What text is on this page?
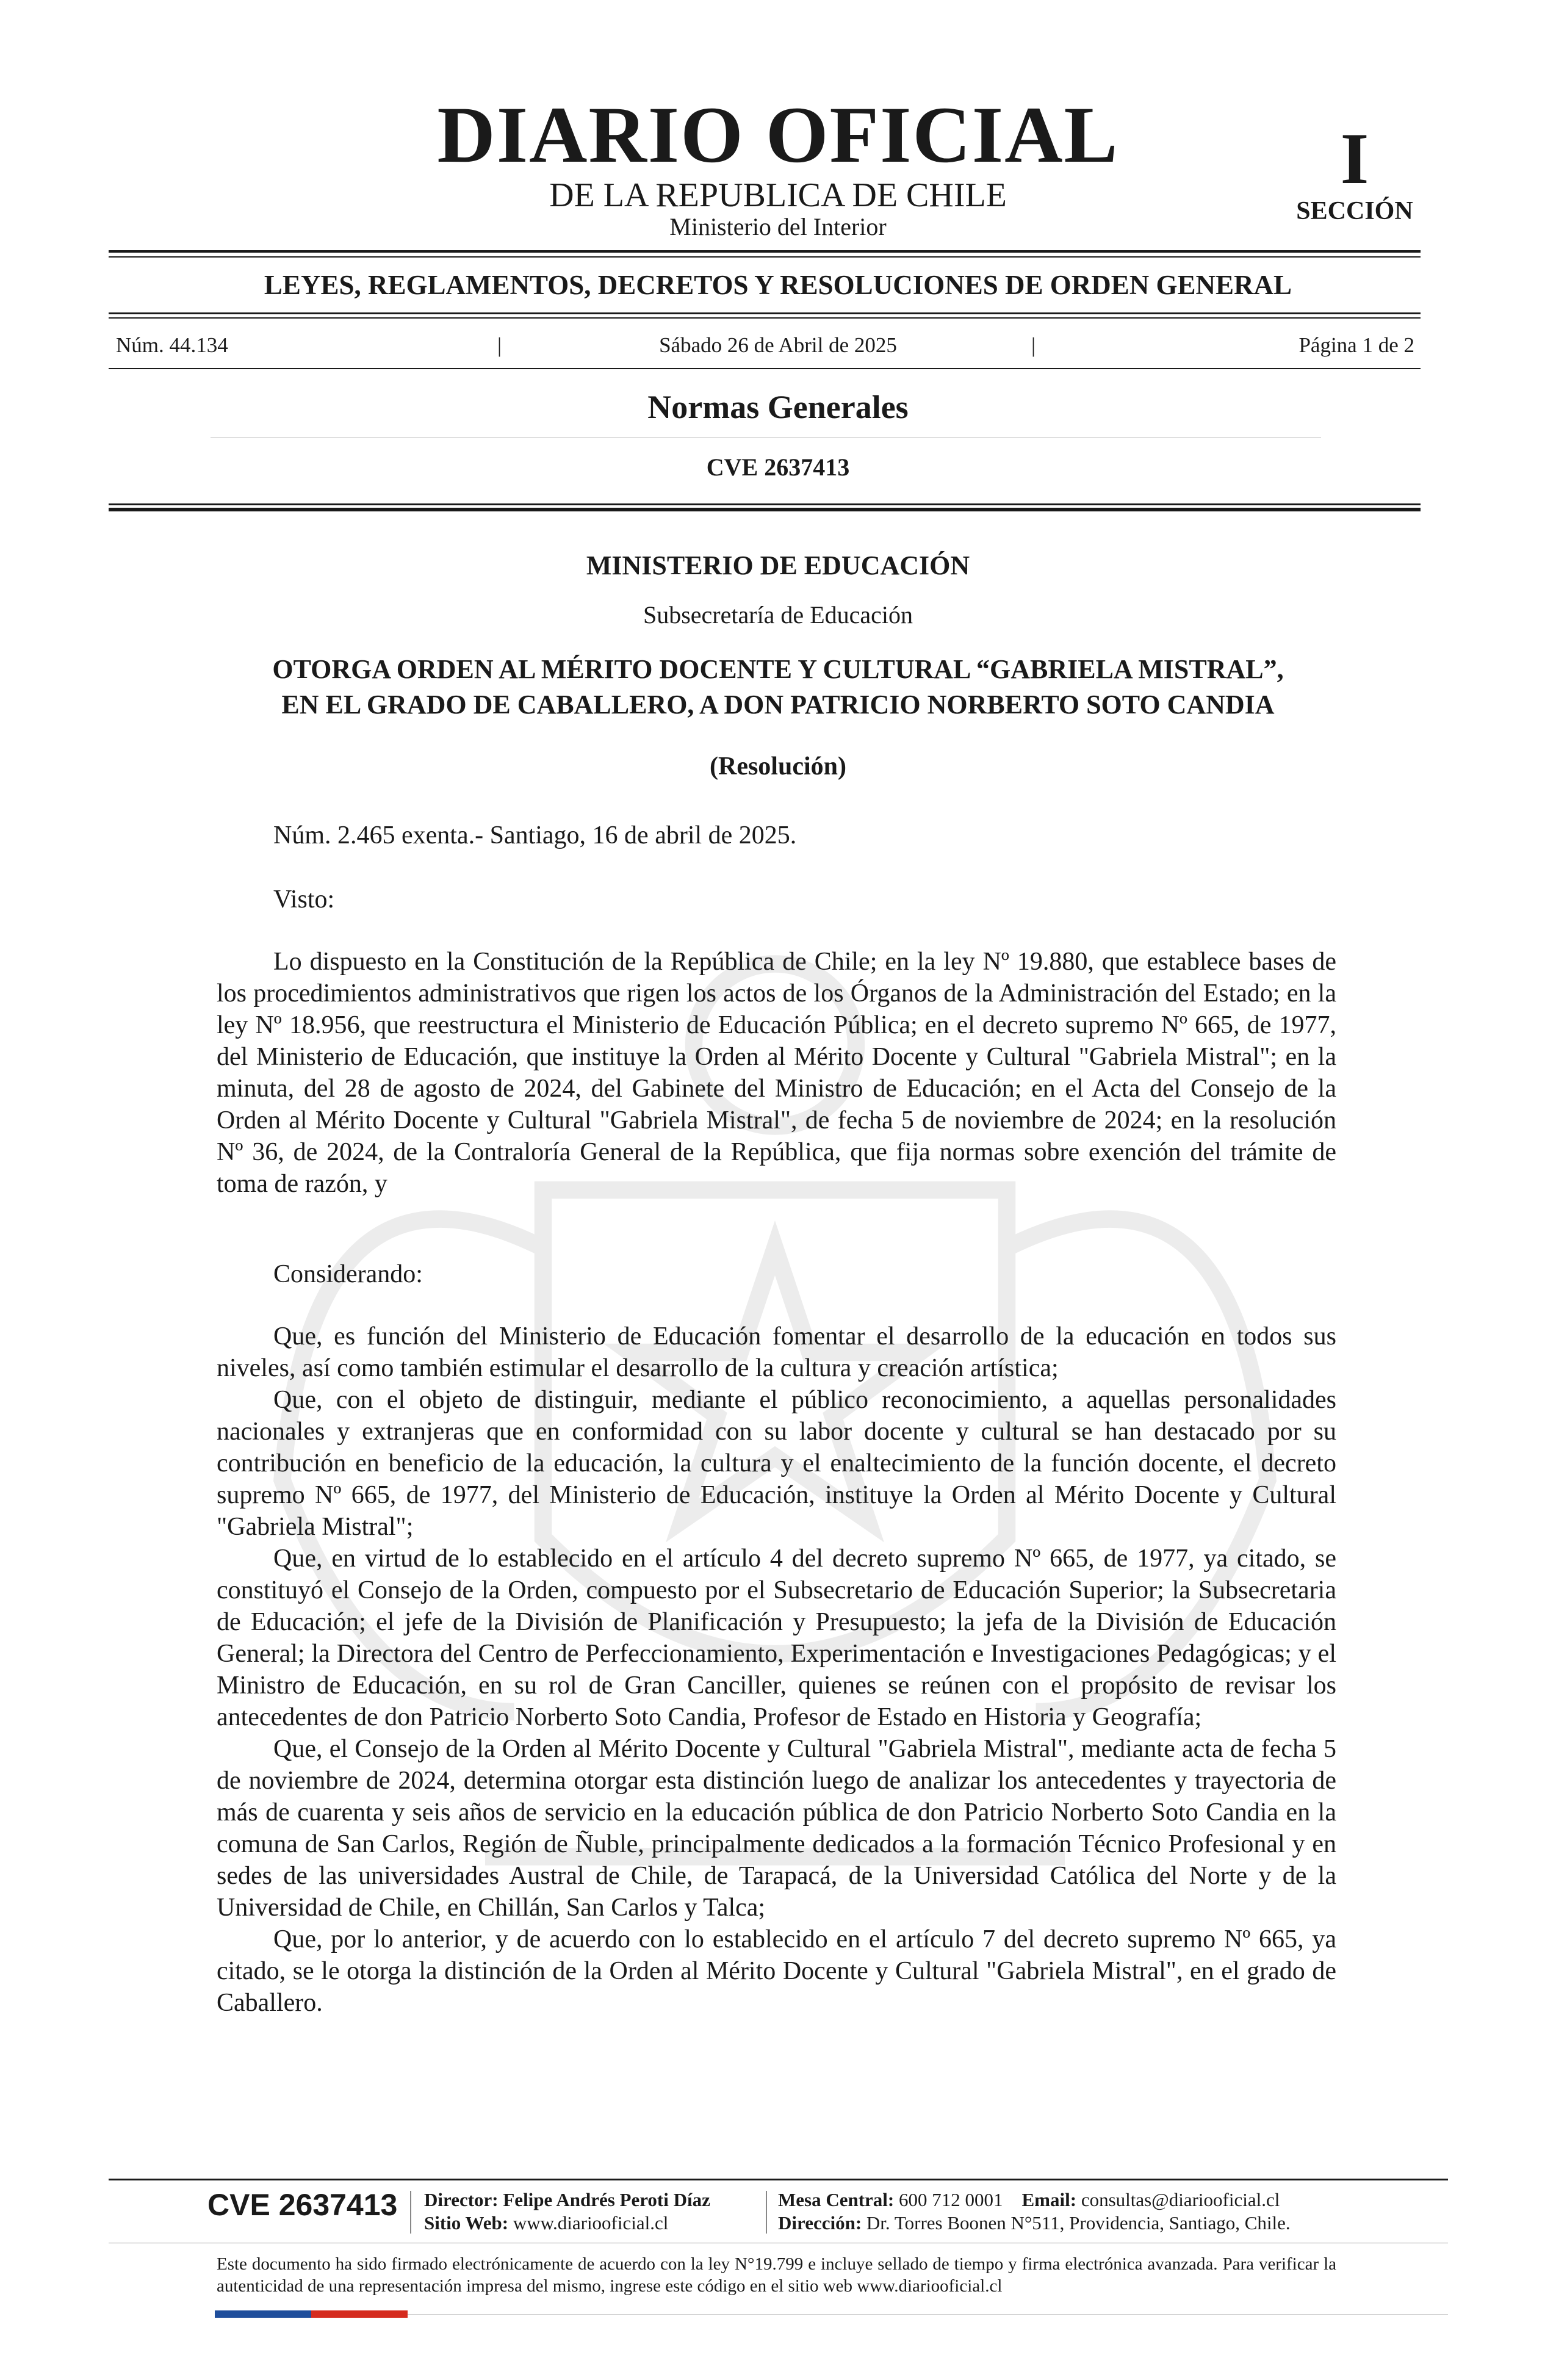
DIARIO OFICIAL
DE LA REPUBLICA DE CHILE
Ministerio del Interior
I
SECCIÓN
LEYES, REGLAMENTOS, DECRETOS Y RESOLUCIONES DE ORDEN GENERAL
Núm. 44.134	|	Sábado 26 de Abril de 2025	|	Página 1 de 2
Normas Generales
CVE 2637413
MINISTERIO DE EDUCACIÓN
Subsecretaría de Educación
OTORGA ORDEN AL MÉRITO DOCENTE Y CULTURAL “GABRIELA MISTRAL”,
EN EL GRADO DE CABALLERO, A DON PATRICIO NORBERTO SOTO CANDIA
(Resolución)
Núm. 2.465 exenta.- Santiago, 16 de abril de 2025.
Visto:

Lo dispuesto en la Constitución de la República de Chile; en la ley Nº 19.880, que establece bases de los procedimientos administrativos que rigen los actos de los Órganos de la Administración del Estado; en la ley Nº 18.956, que reestructura el Ministerio de Educación Pública; en el decreto supremo Nº 665, de 1977, del Ministerio de Educación, que instituye la Orden al Mérito Docente y Cultural "Gabriela Mistral"; en la minuta, del 28 de agosto de 2024, del Gabinete del Ministro de Educación; en el Acta del Consejo de la Orden al Mérito Docente y Cultural "Gabriela Mistral", de fecha 5 de noviembre de 2024; en la resolución Nº 36, de 2024, de la Contraloría General de la República, que fija normas sobre exención del trámite de toma de razón, y

Considerando:

Que, es función del Ministerio de Educación fomentar el desarrollo de la educación en todos sus niveles, así como también estimular el desarrollo de la cultura y creación artística;

Que, con el objeto de distinguir, mediante el público reconocimiento, a aquellas personalidades nacionales y extranjeras que en conformidad con su labor docente y cultural se han destacado por su contribución en beneficio de la educación, la cultura y el enaltecimiento de la función docente, el decreto supremo Nº 665, de 1977, del Ministerio de Educación, instituye la Orden al Mérito Docente y Cultural "Gabriela Mistral";

Que, en virtud de lo establecido en el artículo 4 del decreto supremo Nº 665, de 1977, ya citado, se constituyó el Consejo de la Orden, compuesto por el Subsecretario de Educación Superior; la Subsecretaria de Educación; el jefe de la División de Planificación y Presupuesto; la jefa de la División de Educación General; la Directora del Centro de Perfeccionamiento, Experimentación e Investigaciones Pedagógicas; y el Ministro de Educación, en su rol de Gran Canciller, quienes se reúnen con el propósito de revisar los antecedentes de don Patricio Norberto Soto Candia, Profesor de Estado en Historia y Geografía;

Que, el Consejo de la Orden al Mérito Docente y Cultural "Gabriela Mistral", mediante acta de fecha 5 de noviembre de 2024, determina otorgar esta distinción luego de analizar los antecedentes y trayectoria de más de cuarenta y seis años de servicio en la educación pública de don Patricio Norberto Soto Candia en la comuna de San Carlos, Región de Ñuble, principalmente dedicados a la formación Técnico Profesional y en sedes de las universidades Austral de Chile, de Tarapacá, de la Universidad Católica del Norte y de la Universidad de Chile, en Chillán, San Carlos y Talca;

Que, por lo anterior, y de acuerdo con lo establecido en el artículo 7 del decreto supremo Nº 665, ya citado, se le otorga la distinción de la Orden al Mérito Docente y Cultural "Gabriela Mistral", en el grado de Caballero.

CVE 2637413 Director: Felipe Andrés Peroti Díaz
Sitio Web: www.diariooficial.cl
Mesa Central: 600 712 0001 Email: consultas@diariooficial.cl
Dirección: Dr. Torres Boonen N°511, Providencia, Santiago, Chile.

Este documento ha sido firmado electrónicamente de acuerdo con la ley N°19.799 e incluye sellado de tiempo y firma electrónica avanzada. Para verificar la autenticidad de una representación impresa del mismo, ingrese este código en el sitio web www.diariooficial.cl
